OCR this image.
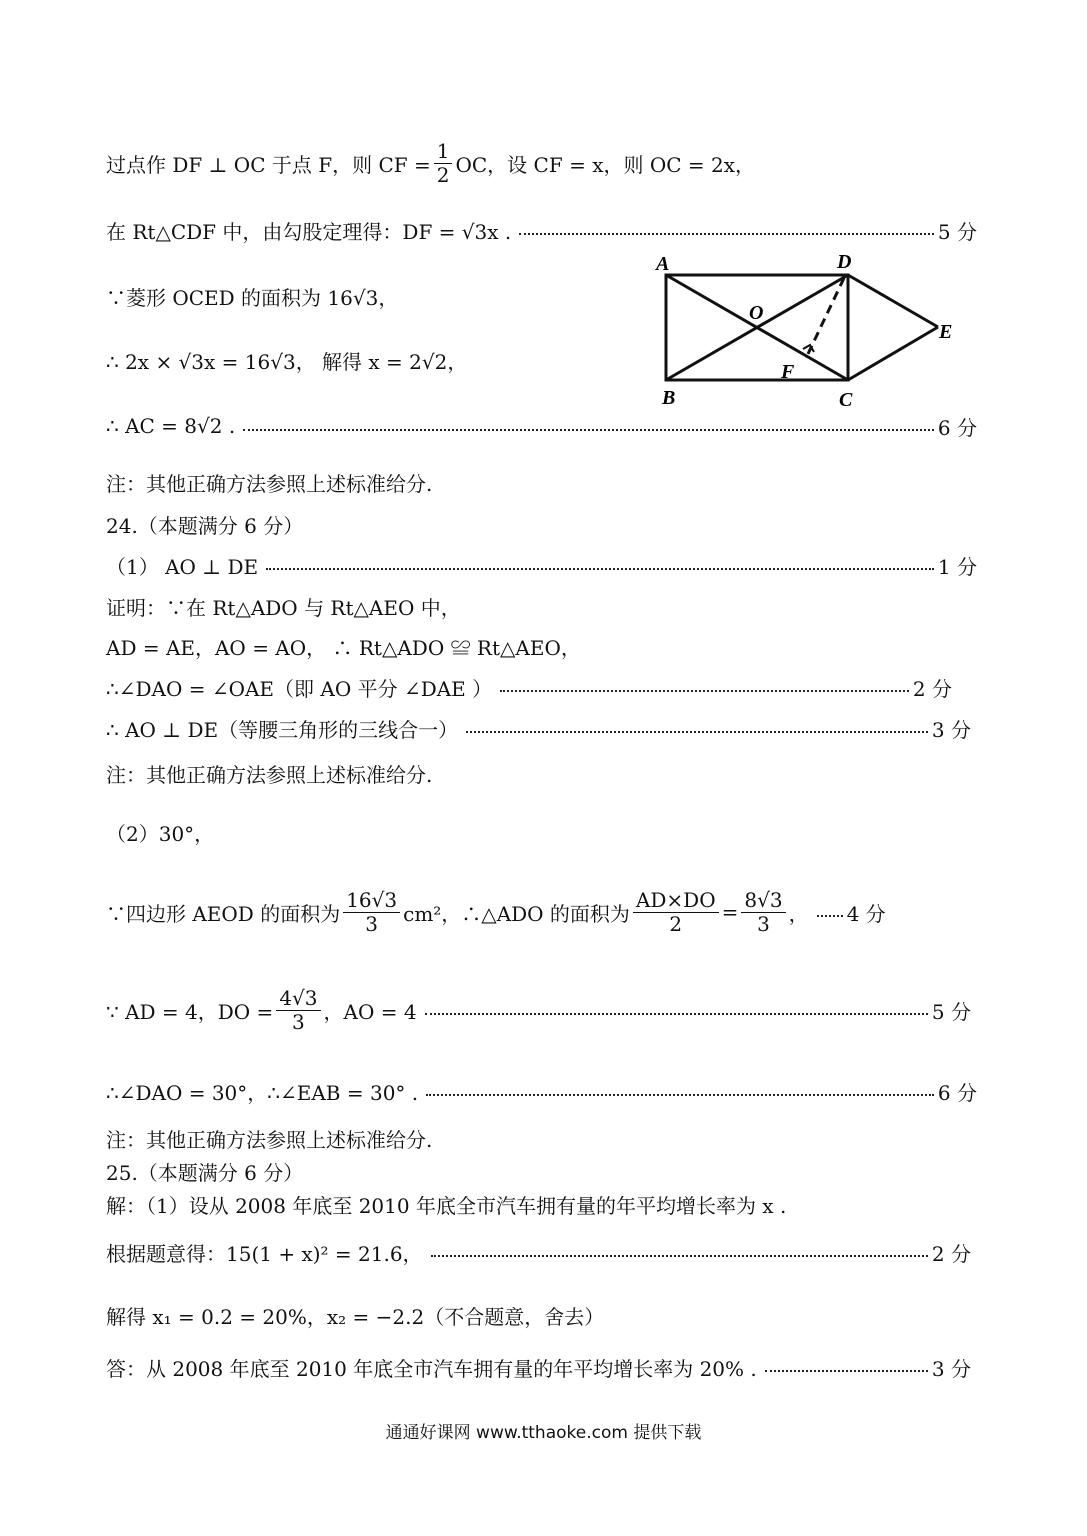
过点作 DF ⊥ OC 于点 F，则 CF = $\frac{1}{2}$ OC，设 CF = x，则 OC = 2x，
在 Rt△CDF 中，由勾股定理得：DF = √3x .	5 分
∵菱形 OCED 的面积为 16√3，
∴ 2x × √3x = 16√3， 解得 x = 2√2，
A	D
E
O
F
B	C
∴ AC = 8√2 .	6 分
注：其他正确方法参照上述标准给分.
24.（本题满分 6 分）
（1） AO ⊥ DE	1 分
证明：∵在 Rt△ADO 与 Rt△AEO 中，
AD = AE，AO = AO， ∴ Rt△ADO ≌ Rt△AEO，
∴∠DAO = ∠OAE（即 AO 平分 ∠DAE ）	2 分
∴ AO ⊥ DE（等腰三角形的三线合一）	3 分
注：其他正确方法参照上述标准给分.
（2）30°，
∵四边形 AEOD 的面积为 $\frac{16√3}{3} cm^2$，∴△ADO 的面积为 $\frac{AD\times DO}{2} = \frac{8√3}{3}$ ， 4 分
∵ AD = 4，DO = $\frac{4√3}{3}$ ，AO = 4	5 分
∴∠DAO = 30°，∴∠EAB = 30° .	6 分
注：其他正确方法参照上述标准给分.
25.（本题满分 6 分）
解：（1）设从 2008 年底至 2010 年底全市汽车拥有量的年平均增长率为 x .
根据题意得：15(1 + x)² = 21.6，	2 分
解得 x₁ = 0.2 = 20%，x₂ = −2.2（不合题意，舍去）
答：从 2008 年底至 2010 年底全市汽车拥有量的年平均增长率为 20% .	3 分
通通好课网 www.tthaoke.com 提供下载
